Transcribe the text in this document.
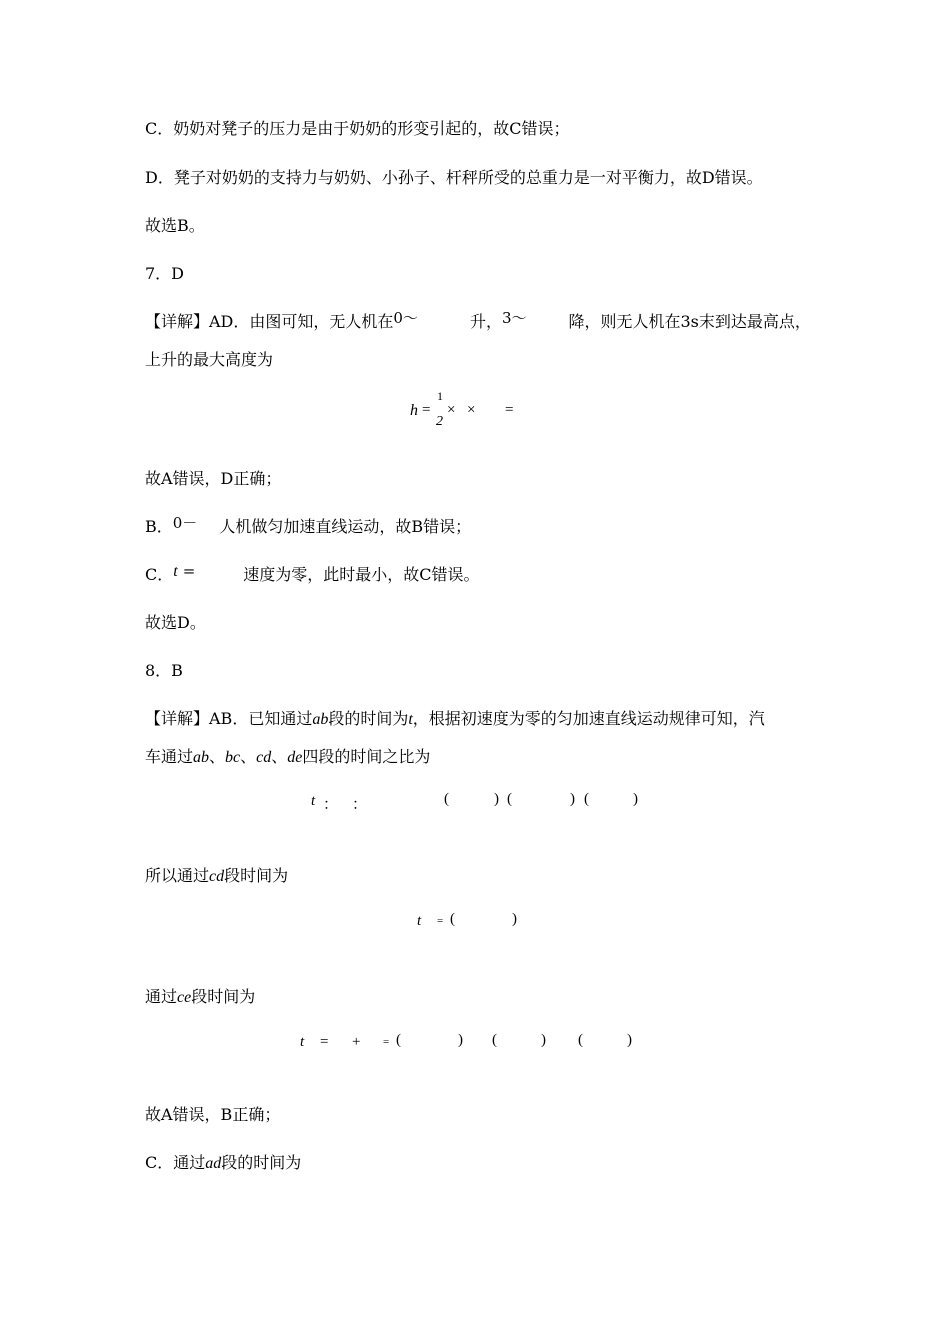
C．奶奶对凳子的压力是由于奶奶的形变引起的，故C错误；
D．凳子对奶奶的支持力与奶奶、小孙子、杆秤所受的总重力是一对平衡力，故D错误。
故选B。
7．D
【详解】AD．由图可知，无人机在0～	升，3～	降，则无人机在3s末到达最高点，
上升的最大高度为
h =
1
2
× × =
故A错误，D正确；
B．0－ 人机做匀加速直线运动，故B错误；
C．t =	速度为零，此时最小，故C错误。
故选D。
8．B
【详解】AB．已知通过ab段的时间为t，根据初速度为零的匀加速直线运动规律可知，汽
车通过ab、bc、cd、de四段的时间之比为
t ： ：	(	) (	) (	)
所以通过cd段时间为
t = (	)
通过ce段时间为
t = + = (	) (	) (	)
故A错误，B正确；
C．通过ad段的时间为
